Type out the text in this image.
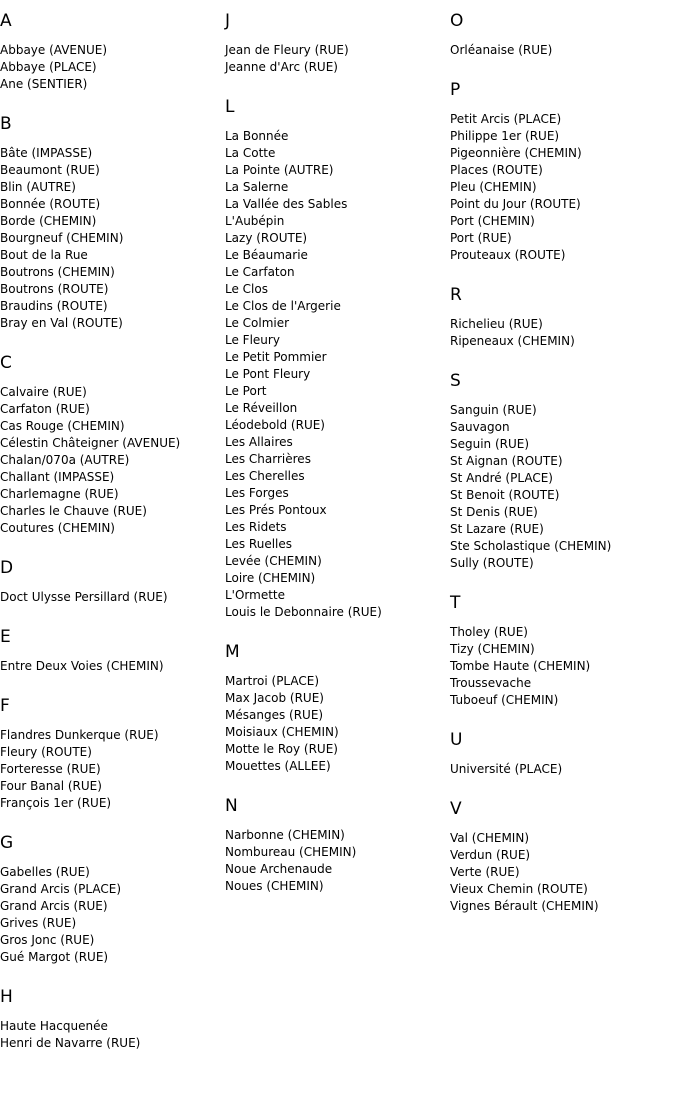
A
Abbaye (AVENUE)
Abbaye (PLACE)
Ane (SENTIER)
B
Bâte (IMPASSE)
Beaumont (RUE)
Blin (AUTRE)
Bonnée (ROUTE)
Borde (CHEMIN)
Bourgneuf (CHEMIN)
Bout de la Rue
Boutrons (CHEMIN)
Boutrons (ROUTE)
Braudins (ROUTE)
Bray en Val (ROUTE)
C
Calvaire (RUE)
Carfaton (RUE)
Cas Rouge (CHEMIN)
Célestin Châteigner (AVENUE)
Chalan/070a (AUTRE)
Challant (IMPASSE)
Charlemagne (RUE)
Charles le Chauve (RUE)
Coutures (CHEMIN)
D
Doct Ulysse Persillard (RUE)
E
Entre Deux Voies (CHEMIN)
F
Flandres Dunkerque (RUE)
Fleury (ROUTE)
Forteresse (RUE)
Four Banal (RUE)
François 1er (RUE)
G
Gabelles (RUE)
Grand Arcis (PLACE)
Grand Arcis (RUE)
Grives (RUE)
Gros Jonc (RUE)
Gué Margot (RUE)
H
Haute Hacquenée
Henri de Navarre (RUE)
J
Jean de Fleury (RUE)
Jeanne d'Arc (RUE)
L
La Bonnée
La Cotte
La Pointe (AUTRE)
La Salerne
La Vallée des Sables
L'Aubépin
Lazy (ROUTE)
Le Béaumarie
Le Carfaton
Le Clos
Le Clos de l'Argerie
Le Colmier
Le Fleury
Le Petit Pommier
Le Pont Fleury
Le Port
Le Réveillon
Léodebold (RUE)
Les Allaires
Les Charrières
Les Cherelles
Les Forges
Les Prés Pontoux
Les Ridets
Les Ruelles
Levée (CHEMIN)
Loire (CHEMIN)
L'Ormette
Louis le Debonnaire (RUE)
M
Martroi (PLACE)
Max Jacob (RUE)
Mésanges (RUE)
Moisiaux (CHEMIN)
Motte le Roy (RUE)
Mouettes (ALLEE)
N
Narbonne (CHEMIN)
Nombureau (CHEMIN)
Noue Archenaude
Noues (CHEMIN)
O
Orléanaise (RUE)
P
Petit Arcis (PLACE)
Philippe 1er (RUE)
Pigeonnière (CHEMIN)
Places (ROUTE)
Pleu (CHEMIN)
Point du Jour (ROUTE)
Port (CHEMIN)
Port (RUE)
Prouteaux (ROUTE)
R
Richelieu (RUE)
Ripeneaux (CHEMIN)
S
Sanguin (RUE)
Sauvagon
Seguin (RUE)
St Aignan (ROUTE)
St André (PLACE)
St Benoit (ROUTE)
St Denis (RUE)
St Lazare (RUE)
Ste Scholastique (CHEMIN)
Sully (ROUTE)
T
Tholey (RUE)
Tizy (CHEMIN)
Tombe Haute (CHEMIN)
Troussevache
Tuboeuf (CHEMIN)
U
Université (PLACE)
V
Val (CHEMIN)
Verdun (RUE)
Verte (RUE)
Vieux Chemin (ROUTE)
Vignes Bérault (CHEMIN)
